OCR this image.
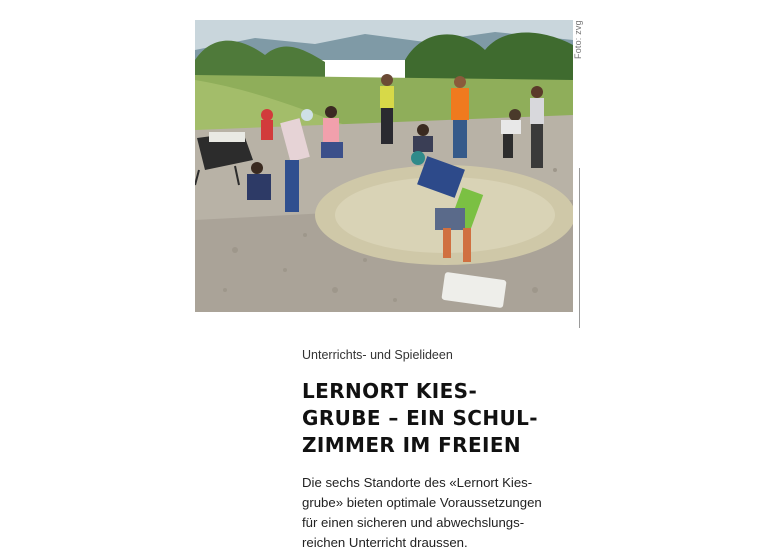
Foto: zvg
Unterrichts- und Spielideen
LERNORT KIES-
GRUBE – EIN SCHUL-
ZIMMER IM FREIEN

Die sechs Standorte des «Lernort Kies-
grube» bieten optimale Voraussetzungen
für einen sicheren und abwechslungs-
reichen Unterricht draussen.
